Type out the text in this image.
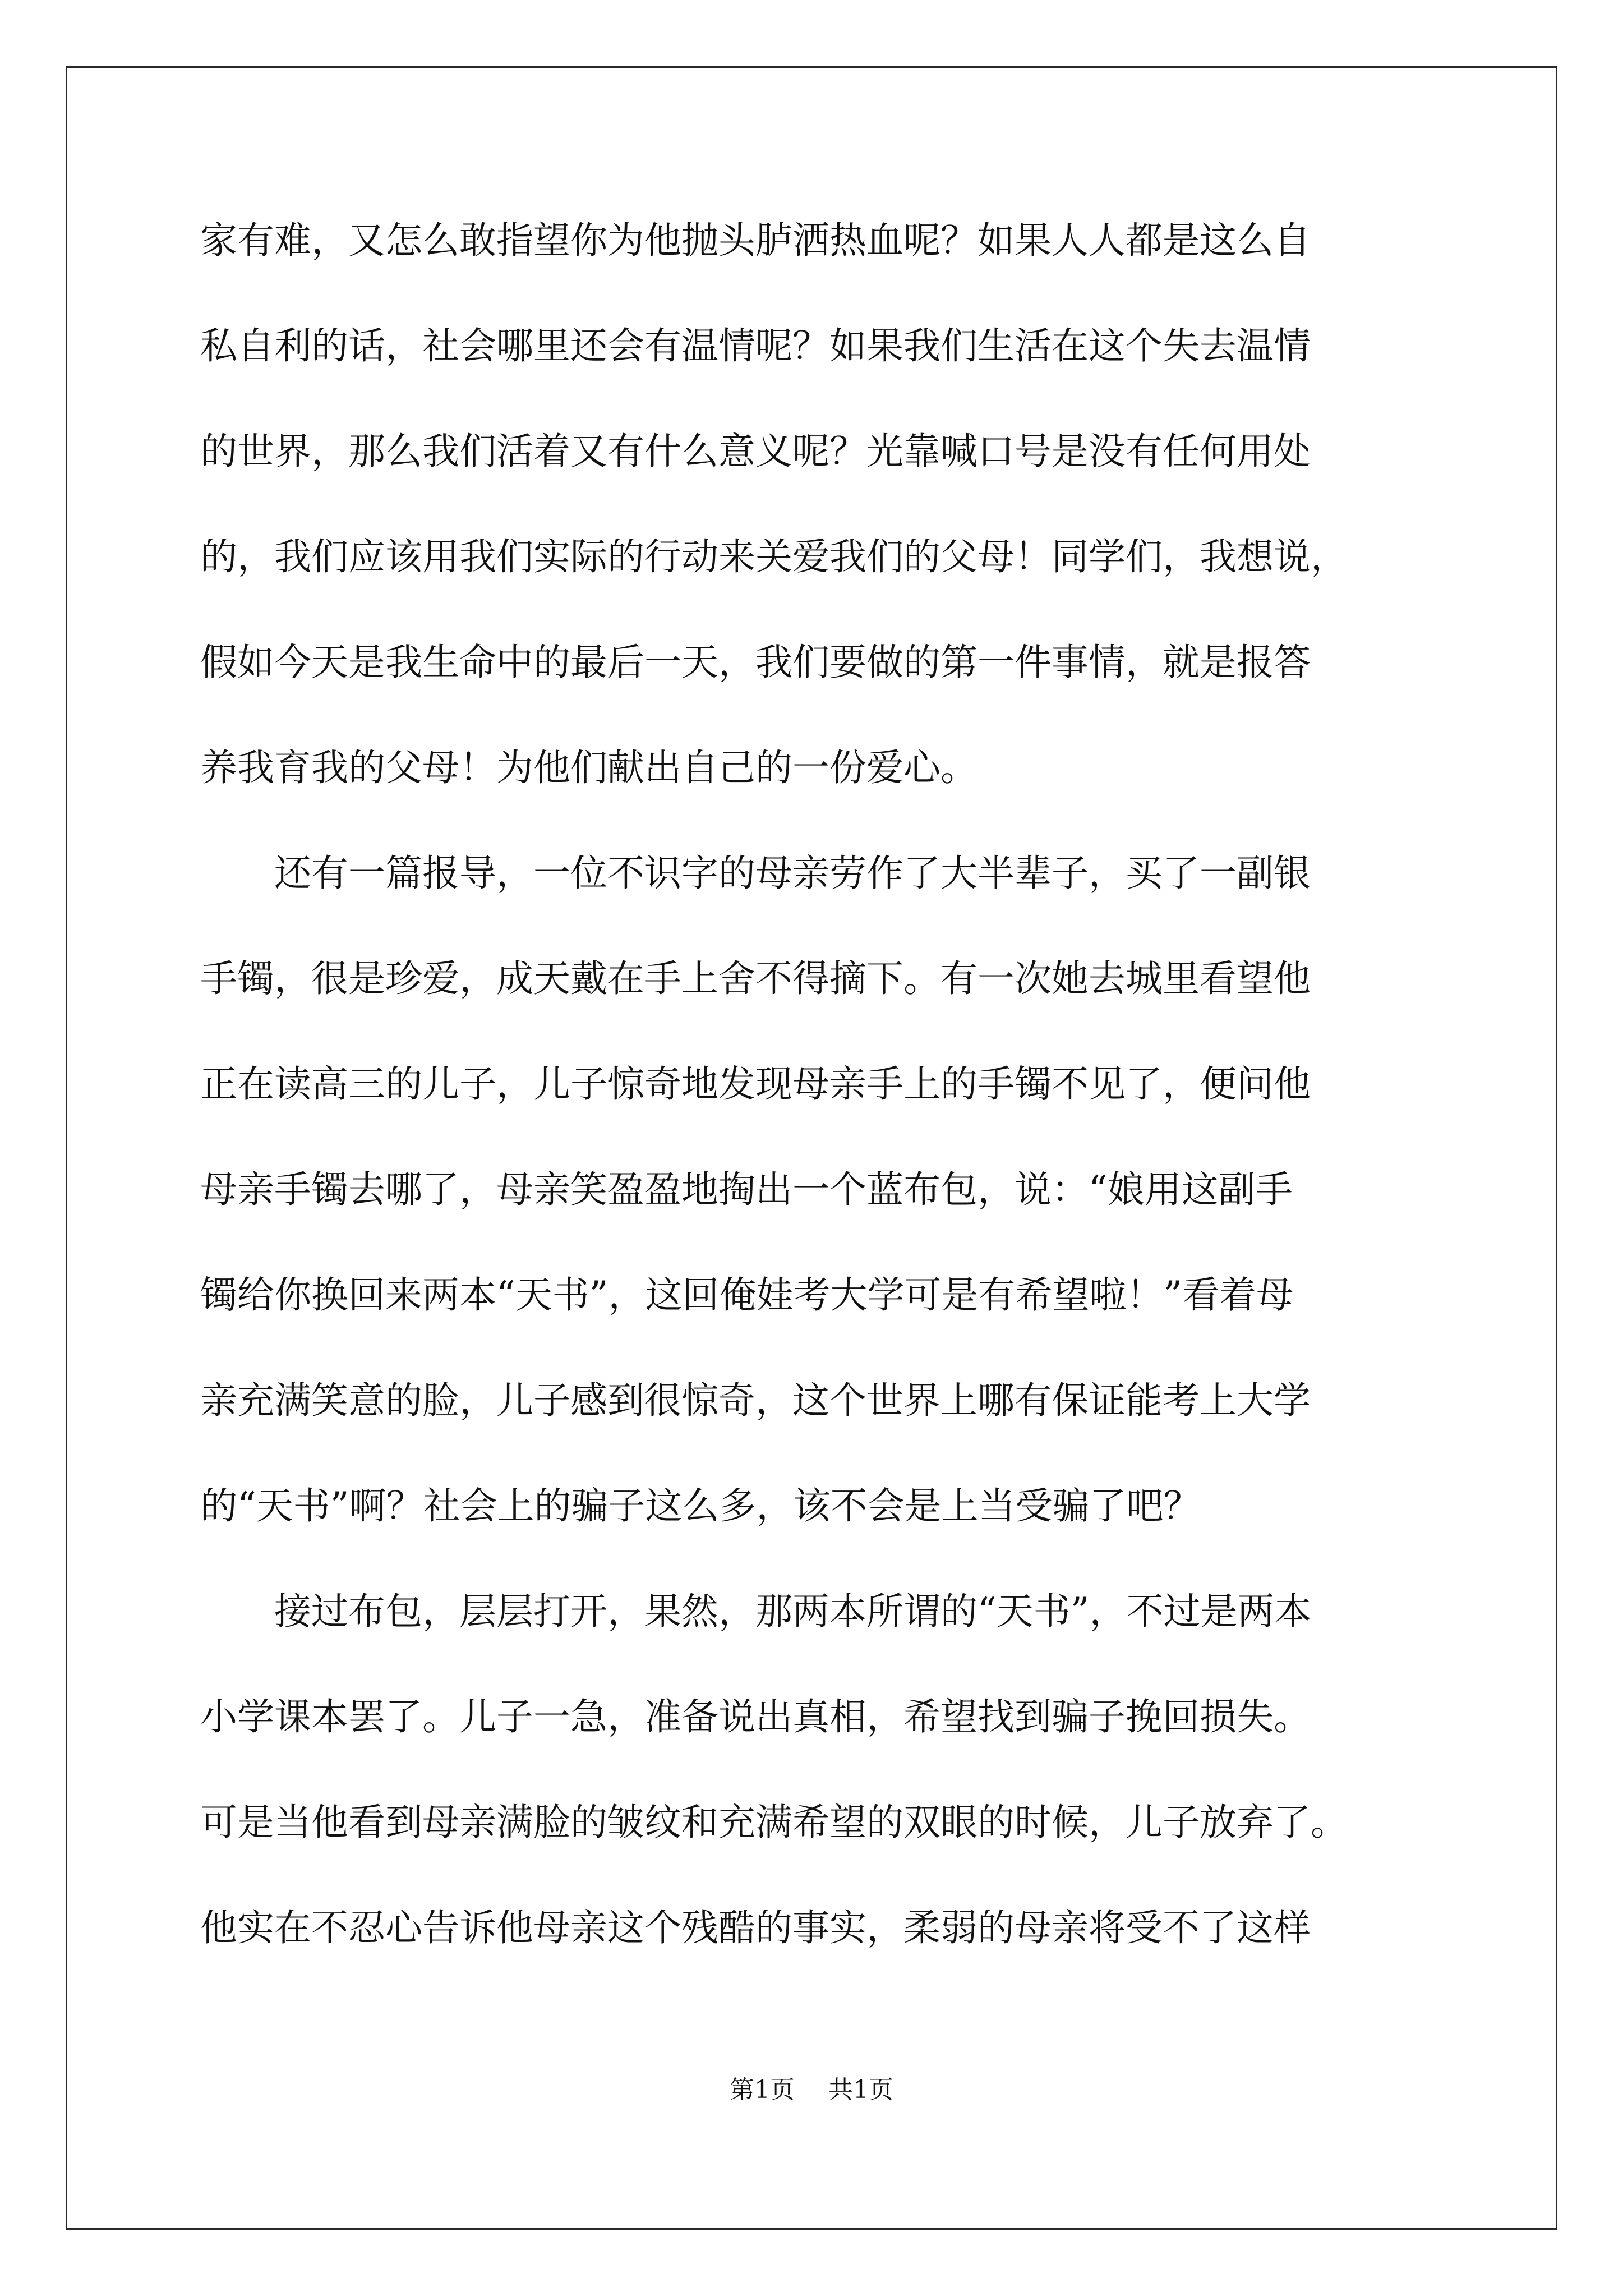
家有难，又怎么敢指望你为他抛头胪洒热血呢？如果人人都是这么自
私自利的话，社会哪里还会有温情呢？如果我们生活在这个失去温情
的世界，那么我们活着又有什么意义呢？光靠喊口号是没有任何用处
的，我们应该用我们实际的行动来关爱我们的父母！同学们，我想说，
假如今天是我生命中的最后一天，我们要做的第一件事情，就是报答
养我育我的父母！为他们献出自己的一份爱心。
　　还有一篇报导，一位不识字的母亲劳作了大半辈子，买了一副银
手镯，很是珍爱，成天戴在手上舍不得摘下。有一次她去城里看望他
正在读高三的儿子，儿子惊奇地发现母亲手上的手镯不见了，便问他
母亲手镯去哪了，母亲笑盈盈地掏出一个蓝布包，说：“娘用这副手
镯给你换回来两本“天书”，这回俺娃考大学可是有希望啦！”看着母
亲充满笑意的脸，儿子感到很惊奇，这个世界上哪有保证能考上大学
的“天书”啊？社会上的骗子这么多，该不会是上当受骗了吧？
　　接过布包，层层打开，果然，那两本所谓的“天书”，不过是两本
小学课本罢了。儿子一急，准备说出真相，希望找到骗子挽回损失。
可是当他看到母亲满脸的皱纹和充满希望的双眼的时候，儿子放弃了。
他实在不忍心告诉他母亲这个残酷的事实，柔弱的母亲将受不了这样
第1页 共1页
